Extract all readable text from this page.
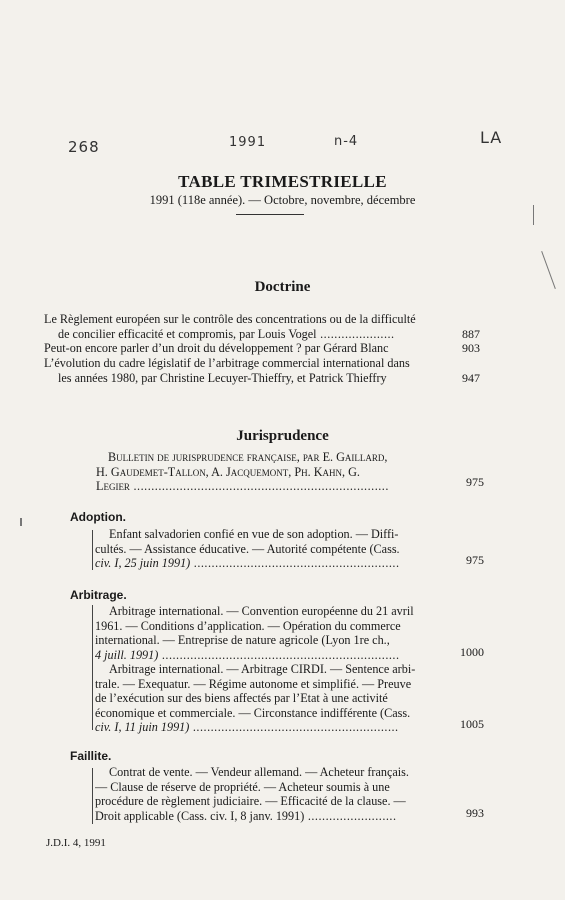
268	1991	n-4	LA
TABLE TRIMESTRIELLE
1991 (118e année). — Octobre, novembre, décembre
Doctrine
Le Règlement européen sur le contrôle des concentrations ou de la difficulté
de concilier efficacité et compromis, par Louis Vogel .....................	887
Peut-on encore parler d’un droit du développement ? par Gérard Blanc	903
L’évolution du cadre législatif de l’arbitrage commercial international dans
les années 1980, par Christine Lecuyer-Thieffry, et Patrick Thieffry	947
Jurisprudence
Bulletin de jurisprudence française, par E. Gaillard,
H. Gaudemet-Tallon, A. Jacquemont, Ph. Kahn, G.
Legier ........................................................................	975
Adoption.
Enfant salvadorien confié en vue de son adoption. — Diffi-
cultés. — Assistance éducative. — Autorité compétente (Cass.
civ. I, 25 juin 1991) ..........................................................	975
Arbitrage.
Arbitrage international. — Convention européenne du 21 avril
1961. — Conditions d’application. — Opération du commerce
international. — Entreprise de nature agricole (Lyon 1re ch.,
4 juill. 1991) ...................................................................	1000
Arbitrage international. — Arbitrage CIRDI. — Sentence arbi-
trale. — Exequatur. — Régime autonome et simplifié. — Preuve
de l’exécution sur des biens affectés par l’Etat à une activité
économique et commerciale. — Circonstance indifférente (Cass.
civ. I, 11 juin 1991) ..........................................................	1005
Faillite.
Contrat de vente. — Vendeur allemand. — Acheteur français.
— Clause de réserve de propriété. — Acheteur soumis à une
procédure de règlement judiciaire. — Efficacité de la clause. —
Droit applicable (Cass. civ. I, 8 janv. 1991) .........................	993
J.D.I. 4, 1991
